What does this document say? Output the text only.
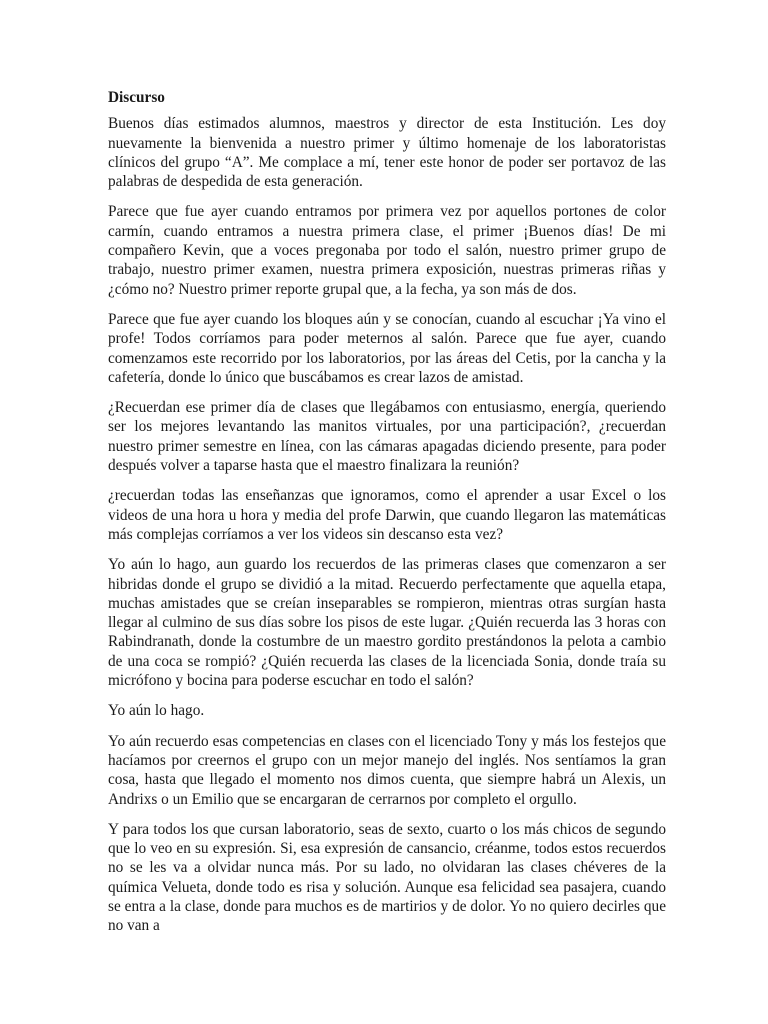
Discurso

Buenos días estimados alumnos, maestros y director de esta Institución. Les doy nuevamente la bienvenida a nuestro primer y último homenaje de los laboratoristas clínicos del grupo “A”. Me complace a mí, tener este honor de poder ser portavoz de las palabras de despedida de esta generación.

Parece que fue ayer cuando entramos por primera vez por aquellos portones de color carmín, cuando entramos a nuestra primera clase, el primer ¡Buenos días! De mi compañero Kevin, que a voces pregonaba por todo el salón, nuestro primer grupo de trabajo, nuestro primer examen, nuestra primera exposición, nuestras primeras riñas y ¿cómo no? Nuestro primer reporte grupal que, a la fecha, ya son más de dos.

Parece que fue ayer cuando los bloques aún y se conocían, cuando al escuchar ¡Ya vino el profe! Todos corríamos para poder meternos al salón. Parece que fue ayer, cuando comenzamos este recorrido por los laboratorios, por las áreas del Cetis, por la cancha y la cafetería, donde lo único que buscábamos es crear lazos de amistad.

¿Recuerdan ese primer día de clases que llegábamos con entusiasmo, energía, queriendo ser los mejores levantando las manitos virtuales, por una participación?, ¿recuerdan nuestro primer semestre en línea, con las cámaras apagadas diciendo presente, para poder después volver a taparse hasta que el maestro finalizara la reunión?

¿recuerdan todas las enseñanzas que ignoramos, como el aprender a usar Excel o los videos de una hora u hora y media del profe Darwin, que cuando llegaron las matemáticas más complejas corríamos a ver los videos sin descanso esta vez?

Yo aún lo hago, aun guardo los recuerdos de las primeras clases que comenzaron a ser hibridas donde el grupo se dividió a la mitad. Recuerdo perfectamente que aquella etapa, muchas amistades que se creían inseparables se rompieron, mientras otras surgían hasta llegar al culmino de sus días sobre los pisos de este lugar. ¿Quién recuerda las 3 horas con Rabindranath, donde la costumbre de un maestro gordito prestándonos la pelota a cambio de una coca se rompió? ¿Quién recuerda las clases de la licenciada Sonia, donde traía su micrófono y bocina para poderse escuchar en todo el salón?

Yo aún lo hago.

Yo aún recuerdo esas competencias en clases con el licenciado Tony y más los festejos que hacíamos por creernos el grupo con un mejor manejo del inglés. Nos sentíamos la gran cosa, hasta que llegado el momento nos dimos cuenta, que siempre habrá un Alexis, un Andrixs o un Emilio que se encargaran de cerrarnos por completo el orgullo.

Y para todos los que cursan laboratorio, seas de sexto, cuarto o los más chicos de segundo que lo veo en su expresión. Si, esa expresión de cansancio, créanme, todos estos recuerdos no se les va a olvidar nunca más. Por su lado, no olvidaran las clases chéveres de la química Velueta, donde todo es risa y solución. Aunque esa felicidad sea pasajera, cuando se entra a la clase, donde para muchos es de martirios y de dolor. Yo no quiero decirles que no van a
